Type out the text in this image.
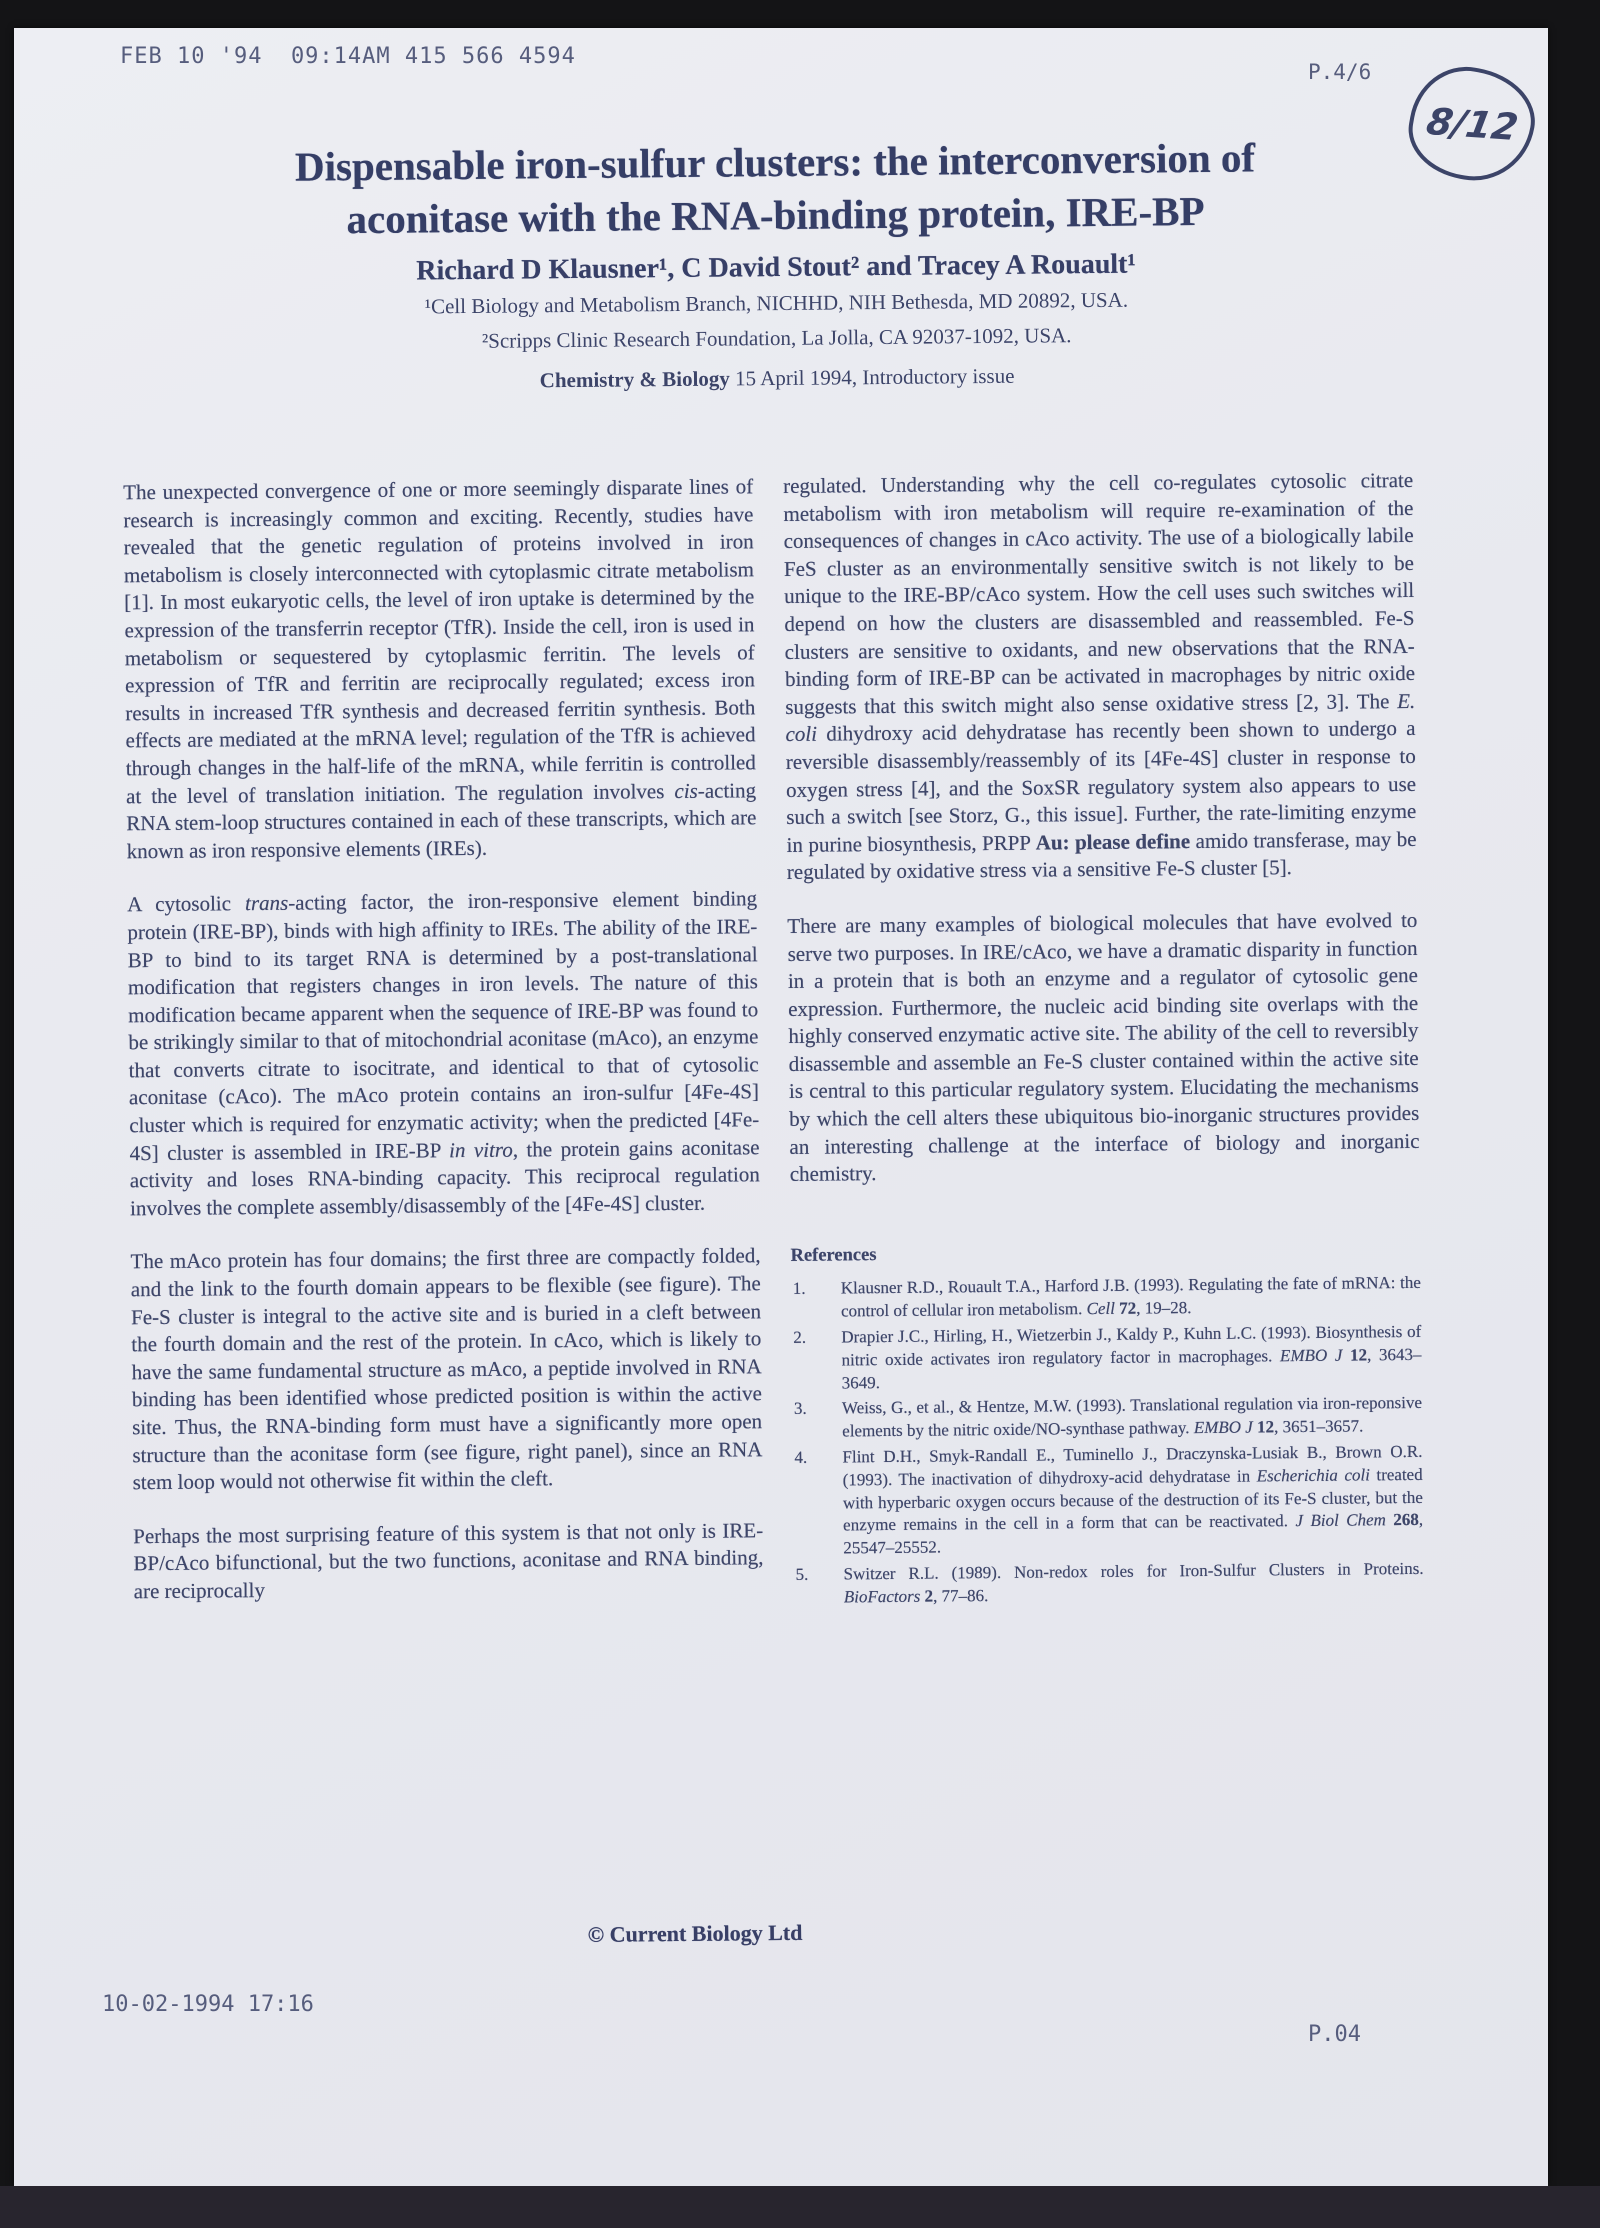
FEB 10 '94  09:14AM 415 566 4594
P.4/6
8/12
10-02-1994 17:16
P.04
Dispensable iron-sulfur clusters: the interconversion of
aconitase with the RNA-binding protein, IRE-BP
Richard D Klausner¹, C David Stout² and Tracey A Rouault¹
¹Cell Biology and Metabolism Branch, NICHHD, NIH Bethesda, MD 20892, USA.
²Scripps Clinic Research Foundation, La Jolla, CA 92037-1092, USA.
Chemistry & Biology 15 April 1994, Introductory issue

The unexpected convergence of one or more seemingly disparate lines of research is increasingly common and exciting. Recently, studies have revealed that the genetic regulation of proteins involved in iron metabolism is closely interconnected with cytoplasmic citrate metabolism [1]. In most eukaryotic cells, the level of iron uptake is determined by the expression of the transferrin receptor (TfR). Inside the cell, iron is used in metabolism or sequestered by cytoplasmic ferritin. The levels of expression of TfR and ferritin are reciprocally regulated; excess iron results in increased TfR synthesis and decreased ferritin synthesis. Both effects are mediated at the mRNA level; regulation of the TfR is achieved through changes in the half-life of the mRNA, while ferritin is controlled at the level of translation initiation. The regulation involves cis-acting RNA stem-loop structures contained in each of these transcripts, which are known as iron responsive elements (IREs).

A cytosolic trans-acting factor, the iron-responsive element binding protein (IRE-BP), binds with high affinity to IREs. The ability of the IRE-BP to bind to its target RNA is determined by a post-translational modification that registers changes in iron levels. The nature of this modification became apparent when the sequence of IRE-BP was found to be strikingly similar to that of mitochondrial aconitase (mAco), an enzyme that converts citrate to isocitrate, and identical to that of cytosolic aconitase (cAco). The mAco protein contains an iron-sulfur [4Fe-4S] cluster which is required for enzymatic activity; when the predicted [4Fe-4S] cluster is assembled in IRE-BP in vitro, the protein gains aconitase activity and loses RNA-binding capacity. This reciprocal regulation involves the complete assembly/disassembly of the [4Fe-4S] cluster.

The mAco protein has four domains; the first three are compactly folded, and the link to the fourth domain appears to be flexible (see figure). The Fe-S cluster is integral to the active site and is buried in a cleft between the fourth domain and the rest of the protein. In cAco, which is likely to have the same fundamental structure as mAco, a peptide involved in RNA binding has been identified whose predicted position is within the active site. Thus, the RNA-binding form must have a significantly more open structure than the aconitase form (see figure, right panel), since an RNA stem loop would not otherwise fit within the cleft.

Perhaps the most surprising feature of this system is that not only is IRE-BP/cAco bifunctional, but the two functions, aconitase and RNA binding, are reciprocally

regulated. Understanding why the cell co-regulates cytosolic citrate metabolism with iron metabolism will require re-examination of the consequences of changes in cAco activity. The use of a biologically labile FeS cluster as an environmentally sensitive switch is not likely to be unique to the IRE-BP/cAco system. How the cell uses such switches will depend on how the clusters are disassembled and reassembled. Fe-S clusters are sensitive to oxidants, and new observations that the RNA-binding form of IRE-BP can be activated in macrophages by nitric oxide suggests that this switch might also sense oxidative stress [2, 3]. The E. coli dihydroxy acid dehydratase has recently been shown to undergo a reversible disassembly/reassembly of its [4Fe-4S] cluster in response to oxygen stress [4], and the SoxSR regulatory system also appears to use such a switch [see Storz, G., this issue]. Further, the rate-limiting enzyme in purine biosynthesis, PRPP Au: please define amido transferase, may be regulated by oxidative stress via a sensitive Fe-S cluster [5].

There are many examples of biological molecules that have evolved to serve two purposes. In IRE/cAco, we have a dramatic disparity in function in a protein that is both an enzyme and a regulator of cytosolic gene expression. Furthermore, the nucleic acid binding site overlaps with the highly conserved enzymatic active site. The ability of the cell to reversibly disassemble and assemble an Fe-S cluster contained within the active site is central to this particular regulatory system. Elucidating the mechanisms by which the cell alters these ubiquitous bio-inorganic structures provides an interesting challenge at the interface of biology and inorganic chemistry.

References

1. Klausner R.D., Rouault T.A., Harford J.B. (1993). Regulating the fate of mRNA: the control of cellular iron metabolism. Cell 72, 19–28.
2. Drapier J.C., Hirling, H., Wietzerbin J., Kaldy P., Kuhn L.C. (1993). Biosynthesis of nitric oxide activates iron regulatory factor in macrophages. EMBO J 12, 3643–3649.
3. Weiss, G., et al., & Hentze, M.W. (1993). Translational regulation via iron-reponsive elements by the nitric oxide/NO-synthase pathway. EMBO J 12, 3651–3657.
4. Flint D.H., Smyk-Randall E., Tuminello J., Draczynska-Lusiak B., Brown O.R. (1993). The inactivation of dihydroxy-acid dehydratase in Escherichia coli treated with hyperbaric oxygen occurs because of the destruction of its Fe-S cluster, but the enzyme remains in the cell in a form that can be reactivated. J Biol Chem 268, 25547–25552.
5. Switzer R.L. (1989). Non-redox roles for Iron-Sulfur Clusters in Proteins. BioFactors 2, 77–86.
© Current Biology Ltd
